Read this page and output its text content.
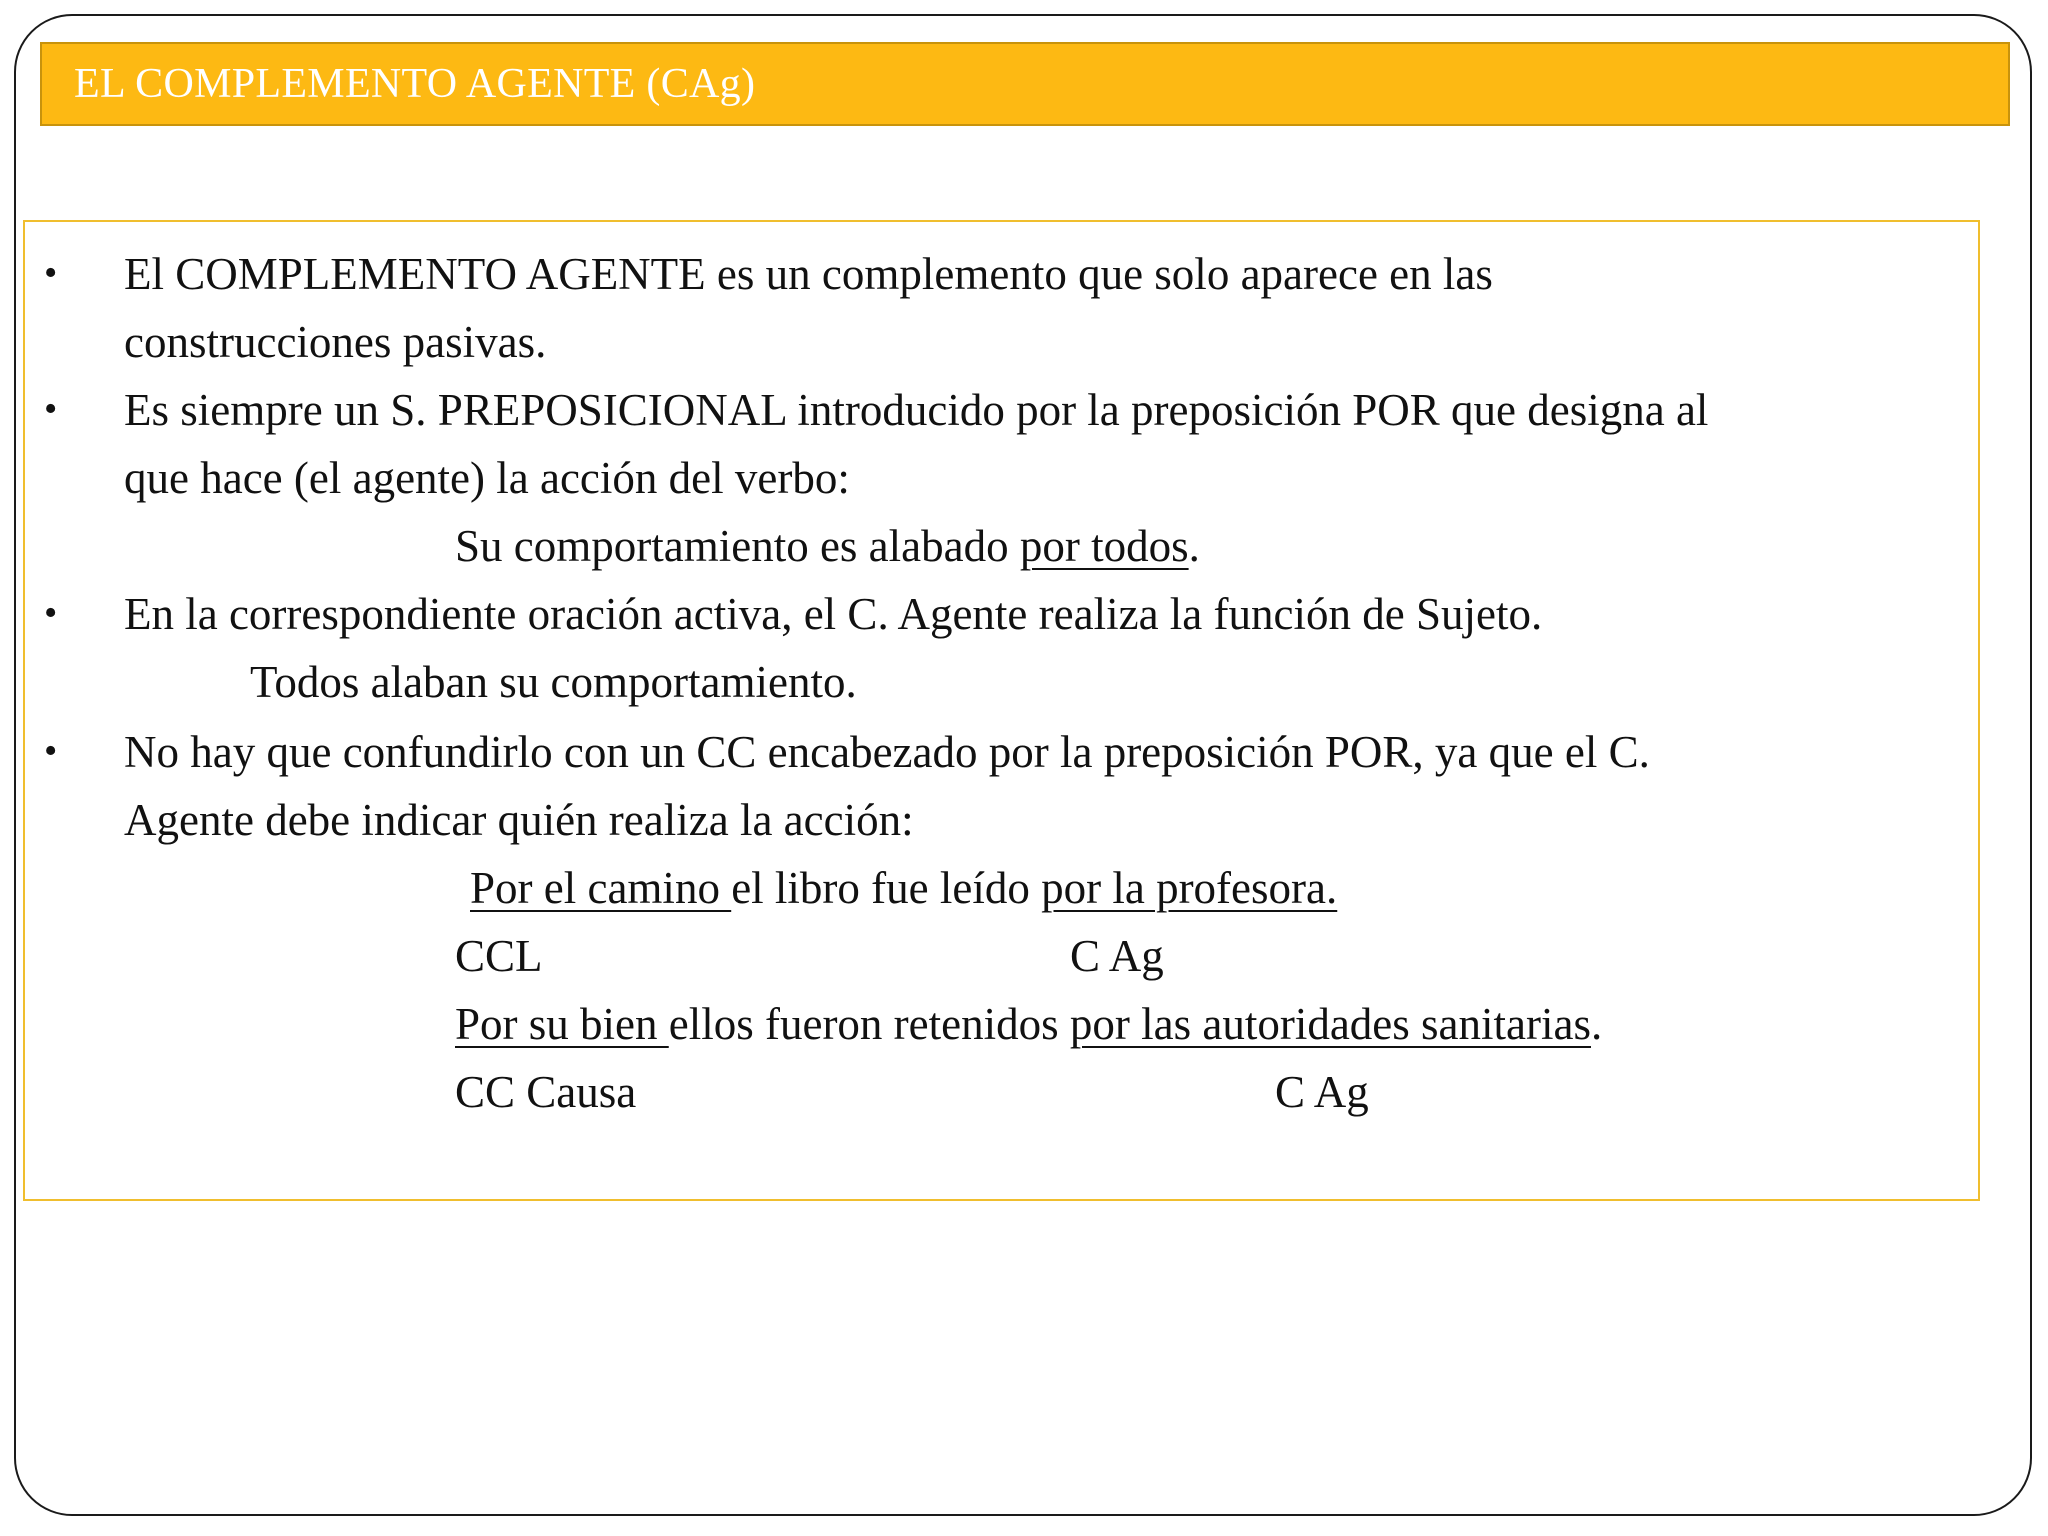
EL COMPLEMENTO AGENTE (CAg)
• El COMPLEMENTO AGENTE es un complemento que solo aparece en las
construcciones pasivas.
• Es siempre un S. PREPOSICIONAL introducido por la preposición POR que designa al
que hace (el agente) la acción del verbo:
Su comportamiento es alabado por todos.
• En la correspondiente oración activa, el C. Agente realiza la función de Sujeto.
Todos alaban su comportamiento.
• No hay que confundirlo con un CC encabezado por la preposición POR, ya que el C.
Agente debe indicar quién realiza la acción:
Por el camino el libro fue leído por la profesora.
CCL	C Ag
Por su bien ellos fueron retenidos por las autoridades sanitarias.
CC Causa	C Ag
